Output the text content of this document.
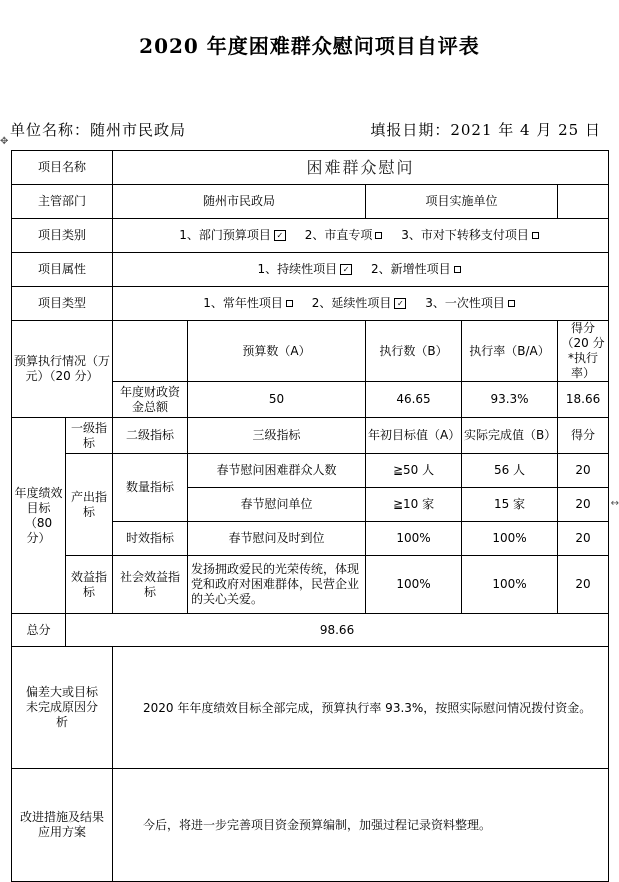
2020 年度困难群众慰问项目自评表
单位名称：随州市民政局	填报日期：2021 年 4 月 25 日
✥
↔
项目名称		困难群众慰问				
主管部门		随州市民政局		项目实施单位		
项目类别		1、部门预算项目 ✓ 2、市直专项 3、市对下转移支付项目				
项目属性		1、持续性项目 ✓ 2、新增性项目				
项目类型		1、常年性项目 2、延续性项目 ✓ 3、一次性项目				
预算执行情况（万元）（20 分）			预算数（A）	执行数（B）	执行率（B/A）	得分（20 分*执行率）
		年度财政资金总额	50	46.65	93.3%	18.66
年度绩效目标（80 分）	一级指标	二级指标	三级指标	年初目标值（A）	实际完成值（B）	得分
	产出指标	数量指标	春节慰问困难群众人数	≧50 人	56 人	20
			春节慰问单位	≧10 家	15 家	20
		时效指标	春节慰问及时到位	100%	100%	20
	效益指标	社会效益指标	发扬拥政爱民的光荣传统，体现党和政府对困难群体，民营企业的关心关爱。	100%	100%	20
总分	98.66					
偏差大或目标未完成原因分析		2020 年年度绩效目标全部完成，预算执行率 93.3%，按照实际慰问情况拨付资金。				
改进措施及结果应用方案		今后，将进一步完善项目资金预算编制，加强过程记录资料整理。				
